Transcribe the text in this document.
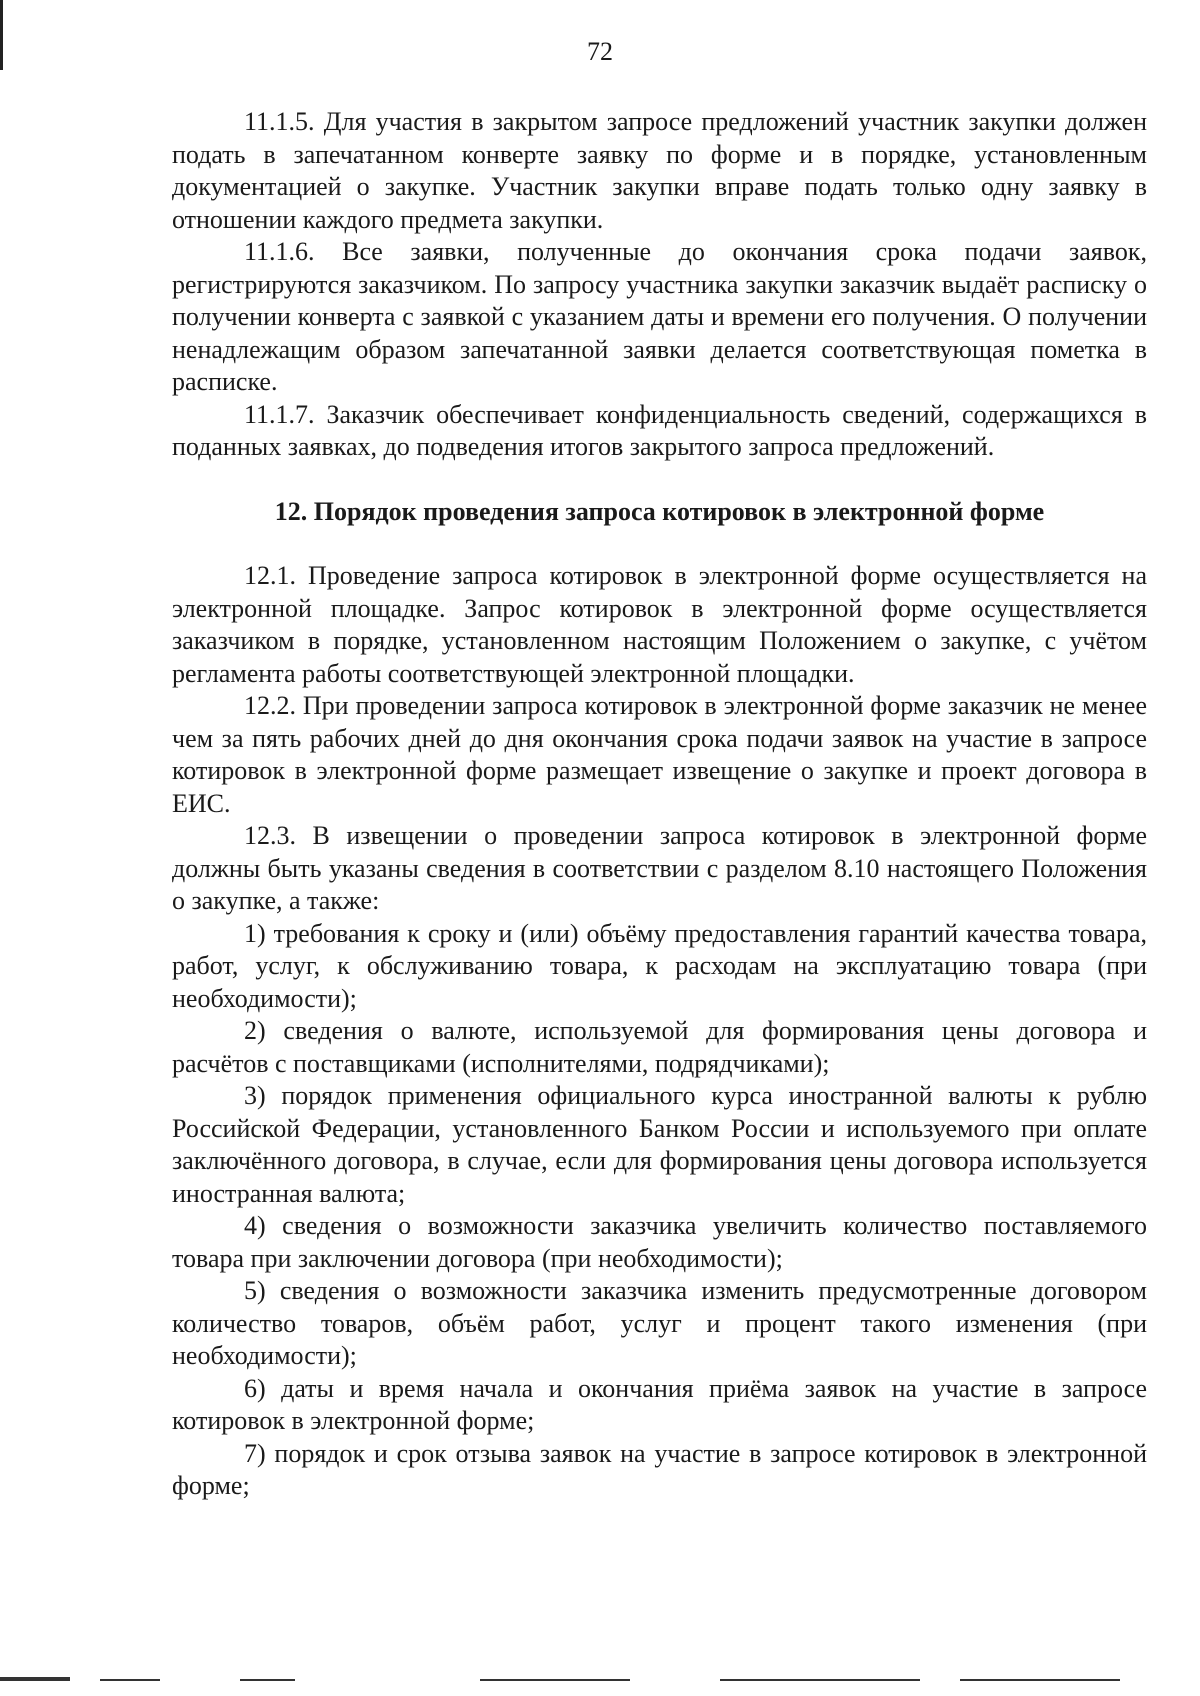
72

11.1.5. Для участия в закрытом запросе предложений участник закупки должен подать в запечатанном конверте заявку по форме и в порядке, установленным документацией о закупке. Участник закупки вправе подать только одну заявку в отношении каждого предмета закупки.

11.1.6. Все заявки, полученные до окончания срока подачи заявок, регистрируются заказчиком. По запросу участника закупки заказчик выдаёт расписку о получении конверта с заявкой с указанием даты и времени его получения. О получении ненадлежащим образом запечатанной заявки делается соответствующая пометка в расписке.

11.1.7. Заказчик обеспечивает конфиденциальность сведений, содержащихся в поданных заявках, до подведения итогов закрытого запроса предложений.

12. Порядок проведения запроса котировок в электронной форме

12.1. Проведение запроса котировок в электронной форме осуществляется на электронной площадке. Запрос котировок в электронной форме осуществляется заказчиком в порядке, установленном настоящим Положением о закупке, с учётом регламента работы соответствующей электронной площадки.

12.2. При проведении запроса котировок в электронной форме заказчик не менее чем за пять рабочих дней до дня окончания срока подачи заявок на участие в запросе котировок в электронной форме размещает извещение о закупке и проект договора в ЕИС.

12.3. В извещении о проведении запроса котировок в электронной форме должны быть указаны сведения в соответствии с разделом 8.10 настоящего Положения о закупке, а также:

1) требования к сроку и (или) объёму предоставления гарантий качества товара, работ, услуг, к обслуживанию товара, к расходам на эксплуатацию товара (при необходимости);

2) сведения о валюте, используемой для формирования цены договора и расчётов с поставщиками (исполнителями, подрядчиками);

3) порядок применения официального курса иностранной валюты к рублю Российской Федерации, установленного Банком России и используемого при оплате заключённого договора, в случае, если для формирования цены договора используется иностранная валюта;

4) сведения о возможности заказчика увеличить количество поставляемого товара при заключении договора (при необходимости);

5) сведения о возможности заказчика изменить предусмотренные договором количество товаров, объём работ, услуг и процент такого изменения (при необходимости);

6) даты и время начала и окончания приёма заявок на участие в запросе котировок в электронной форме;

7) порядок и срок отзыва заявок на участие в запросе котировок в электронной форме;
